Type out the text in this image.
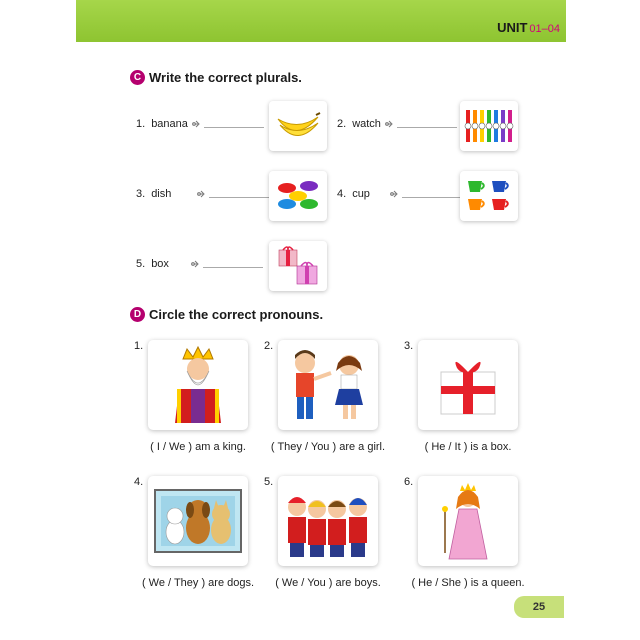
UNIT 01–04
C Write the correct plurals.
1. banana	2. watch
3. dish	4. cup
5. box
D Circle the correct pronouns.
1.
( I / We ) am a king.
2.
( They / You ) are a girl.
3.
( He / It ) is a box.
4.
( We / They ) are dogs.
5.
( We / You ) are boys.
6.
( He / She ) is a queen.
25
